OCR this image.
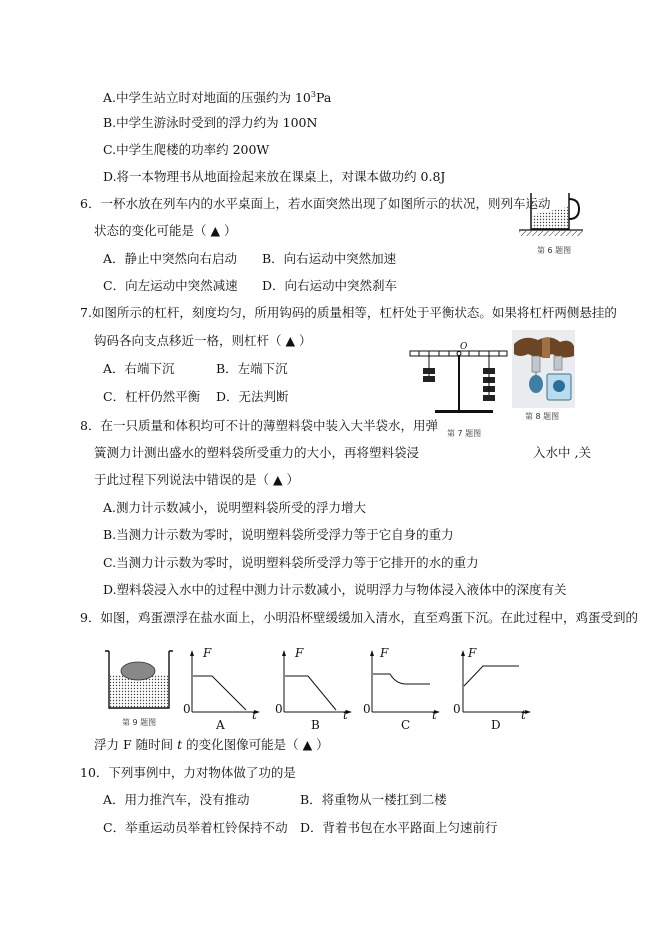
A.中学生站立时对地面的压强约为 $10^3Pa$
B.中学生游泳时受到的浮力约为 100N
C.中学生爬楼的功率约 200W
D.将一本物理书从地面捡起来放在课桌上，对课本做功约 0.8J
6．一杯水放在列车内的水平桌面上，若水面突然出现了如图所示的状况，则列车运动
状态的变化可能是（ ▲ ）
A．静止中突然向右启动 B．向右运动中突然加速
C．向左运动中突然减速 D．向右运动中突然刹车
第 6 题图
7.如图所示的杠杆，刻度均匀，所用钩码的质量相等，杠杆处于平衡状态。如果将杠杆两侧悬挂的
钩码各向支点移近一格，则杠杆（ ▲ ）
A．右端下沉	B．左端下沉
C．杠杆仍然平衡 D．无法判断
O
第 7 题图
第 8 题图
8．在一只质量和体积均可不计的薄塑料袋中装入大半袋水，用弹
簧测力计测出盛水的塑料袋所受重力的大小，再将塑料袋浸	入水中 ,关
于此过程下列说法中错误的是（ ▲ ）
A.测力计示数减小，说明塑料袋所受的浮力增大
B.当测力计示数为零时，说明塑料袋所受浮力等于它自身的重力
C.当测力计示数为零时，说明塑料袋所受浮力等于它排开的水的重力
D.塑料袋浸入水中的过程中测力计示数减小，说明浮力与物体浸入液体中的深度有关
9．如图，鸡蛋漂浮在盐水面上，小明沿杯壁缓缓加入清水，直至鸡蛋下沉。在此过程中，鸡蛋受到的
第 9 题图
F
0	t
A
F
0	t
B
F
0	t
C
F
0	t
D
浮力 F 随时间 t 的变化图像可能是（ ▲ ）
10．下列事例中，力对物体做了功的是
A．用力推汽车，没有推动	B．将重物从一楼扛到二楼
C．举重运动员举着杠铃保持不动 D．背着书包在水平路面上匀速前行
